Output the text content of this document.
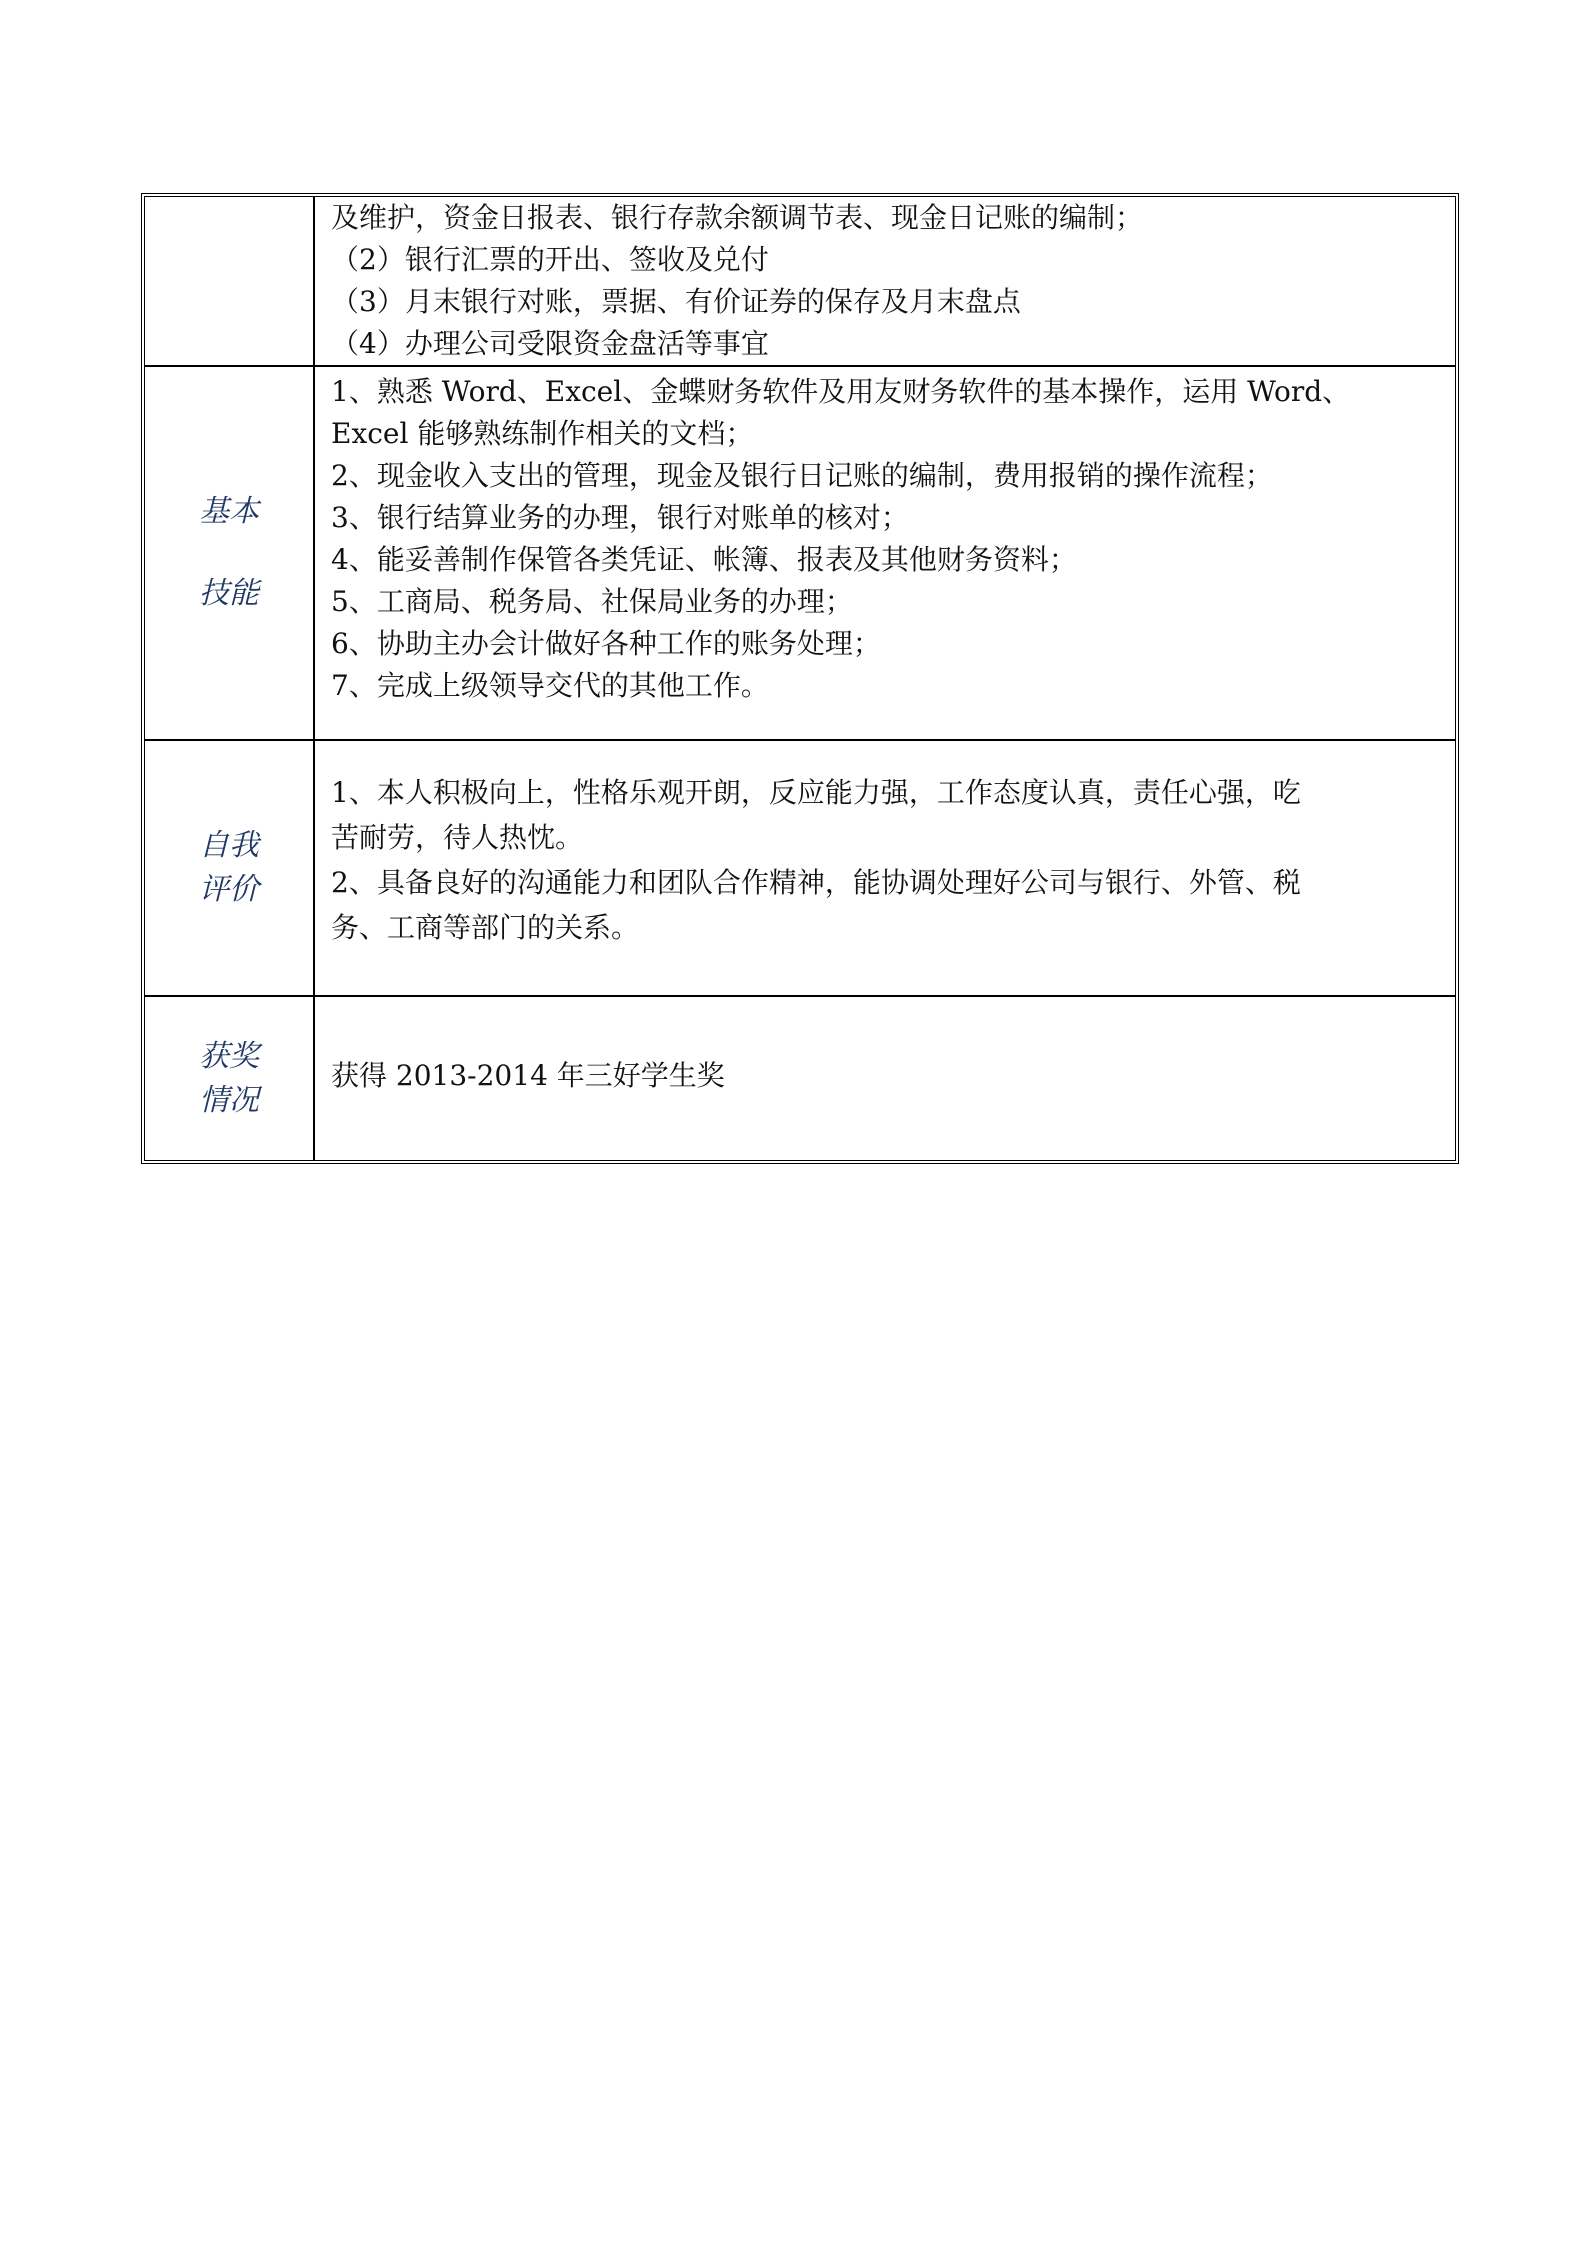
及维护，资金日报表、银行存款余额调节表、现金日记账的编制；
（2）银行汇票的开出、签收及兑付
（3）月末银行对账，票据、有价证券的保存及月末盘点
（4）办理公司受限资金盘活等事宜
基本
技能
1、熟悉 Word、Excel、金蝶财务软件及用友财务软件的基本操作，运用 Word、
Excel 能够熟练制作相关的文档；
2、现金收入支出的管理，现金及银行日记账的编制，费用报销的操作流程；
3、银行结算业务的办理，银行对账单的核对；
4、能妥善制作保管各类凭证、帐簿、报表及其他财务资料；
5、工商局、税务局、社保局业务的办理；
6、协助主办会计做好各种工作的账务处理；
7、完成上级领导交代的其他工作。
自我
评价
1、本人积极向上，性格乐观开朗，反应能力强，工作态度认真，责任心强，吃
苦耐劳，待人热忱。
2、具备良好的沟通能力和团队合作精神，能协调处理好公司与银行、外管、税
务、工商等部门的关系。
获奖
情况
获得 2013-2014 年三好学生奖
